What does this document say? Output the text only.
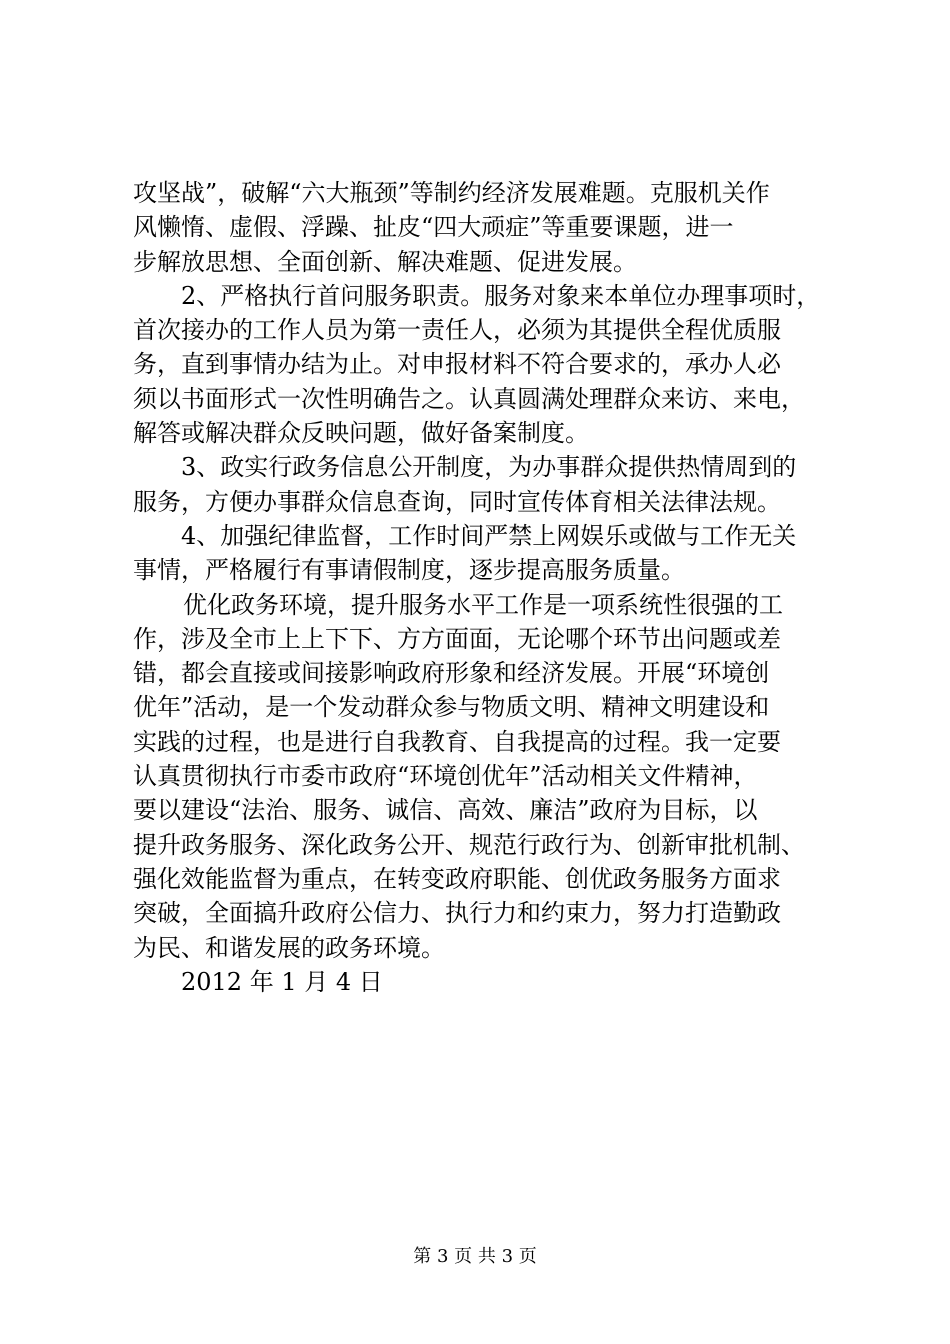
攻坚战”，破解“六大瓶颈”等制约经济发展难题。克服机关作
风懒惰、虚假、浮躁、扯皮“四大顽症”等重要课题，进一
步解放思想、全面创新、解决难题、促进发展。
2、严格执行首问服务职责。服务对象来本单位办理事项时，
首次接办的工作人员为第一责任人，必须为其提供全程优质服
务，直到事情办结为止。对申报材料不符合要求的，承办人必
须以书面形式一次性明确告之。认真圆满处理群众来访、来电，
解答或解决群众反映问题，做好备案制度。
3、政实行政务信息公开制度，为办事群众提供热情周到的
服务，方便办事群众信息查询，同时宣传体育相关法律法规。
4、加强纪律监督，工作时间严禁上网娱乐或做与工作无关
事情，严格履行有事请假制度，逐步提高服务质量。
优化政务环境，提升服务水平工作是一项系统性很强的工
作，涉及全市上上下下、方方面面，无论哪个环节出问题或差
错，都会直接或间接影响政府形象和经济发展。开展“环境创
优年”活动，是一个发动群众参与物质文明、精神文明建设和
实践的过程，也是进行自我教育、自我提高的过程。我一定要
认真贯彻执行市委市政府“环境创优年”活动相关文件精神，
要以建设“法治、服务、诚信、高效、廉洁”政府为目标，以
提升政务服务、深化政务公开、规范行政行为、创新审批机制、
强化效能监督为重点，在转变政府职能、创优政务服务方面求
突破，全面搞升政府公信力、执行力和约束力，努力打造勤政
为民、和谐发展的政务环境。
2012 年 1 月 4 日
第 3 页 共 3 页
